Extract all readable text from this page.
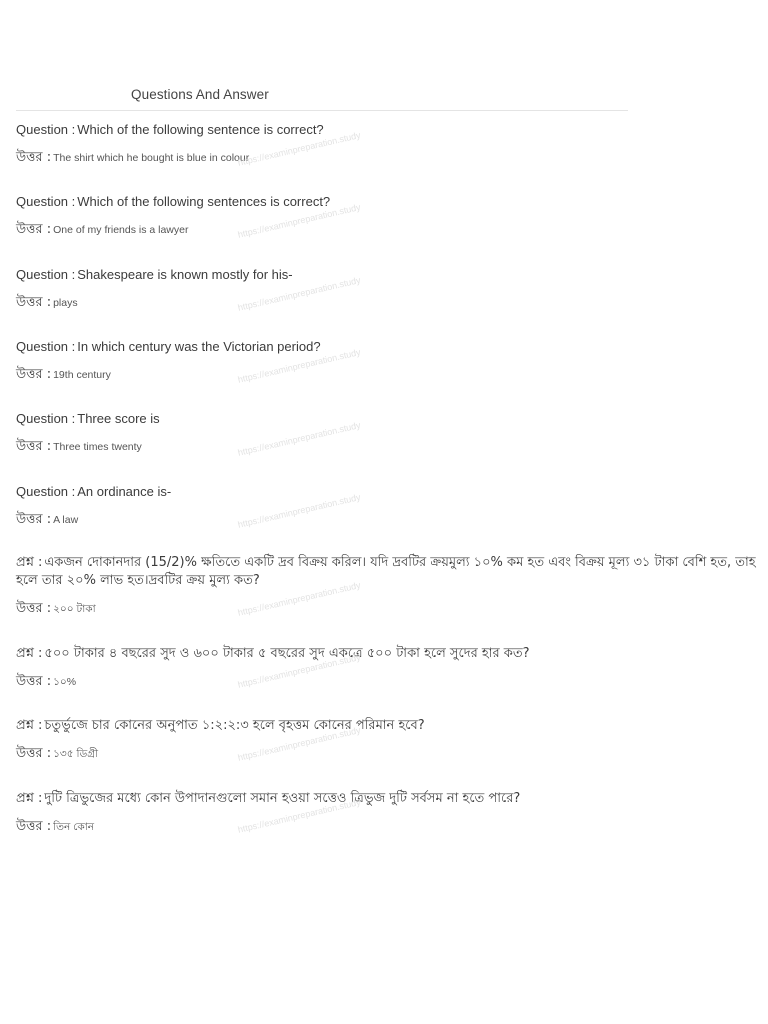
Questions And Answer
Question : Which of the following sentence is correct?
উত্তর : The shirt which he bought is blue in colour
Question : Which of the following sentences is correct?
উত্তর : One of my friends is a lawyer
Question : Shakespeare is known mostly for his-
উত্তর : plays
Question : In which century was the Victorian period?
উত্তর : 19th century
Question : Three score is
উত্তর : Three times twenty
Question : An ordinance is-
উত্তর : A law
প্রশ্ন : একজন দোকানদার (15/2)% ক্ষতিতে একটি দ্রব বিক্রয় করিল। যদি দ্রবটির ক্রয়মুল্য ১০% কম হত এবং বিক্রয় মূল্য ৩১ টাকা বেশি হত, তাহ হলে তার ২০% লাভ হত।দ্রবটির ক্রয় মুল্য কত?
উত্তর : ২০০ টাকা
প্রশ্ন : ৫০০ টাকার ৪ বছরের সুদ ও ৬০০ টাকার ৫ বছরের সুদ একত্রে ৫০০ টাকা হলে সুদের হার কত?
উত্তর : ১০%
প্রশ্ন : চতুর্ভুজে চার কোনের অনুপাত ১:২:২:৩ হলে বৃহত্তম কোনের পরিমান হবে?
উত্তর : ১৩৫ ডিগ্রী
প্রশ্ন : দুটি ত্রিভুজের মধ্যে কোন উপাদানগুলো সমান হওয়া সত্তেও ত্রিভুজ দুটি সর্বসম না হতে পারে?
উত্তর : তিন কোন
https://examinpreparation.study
https://examinpreparation.study
https://examinpreparation.study
https://examinpreparation.study
https://examinpreparation.study
https://examinpreparation.study
https://examinpreparation.study
https://examinpreparation.study
https://examinpreparation.study
https://examinpreparation.study
